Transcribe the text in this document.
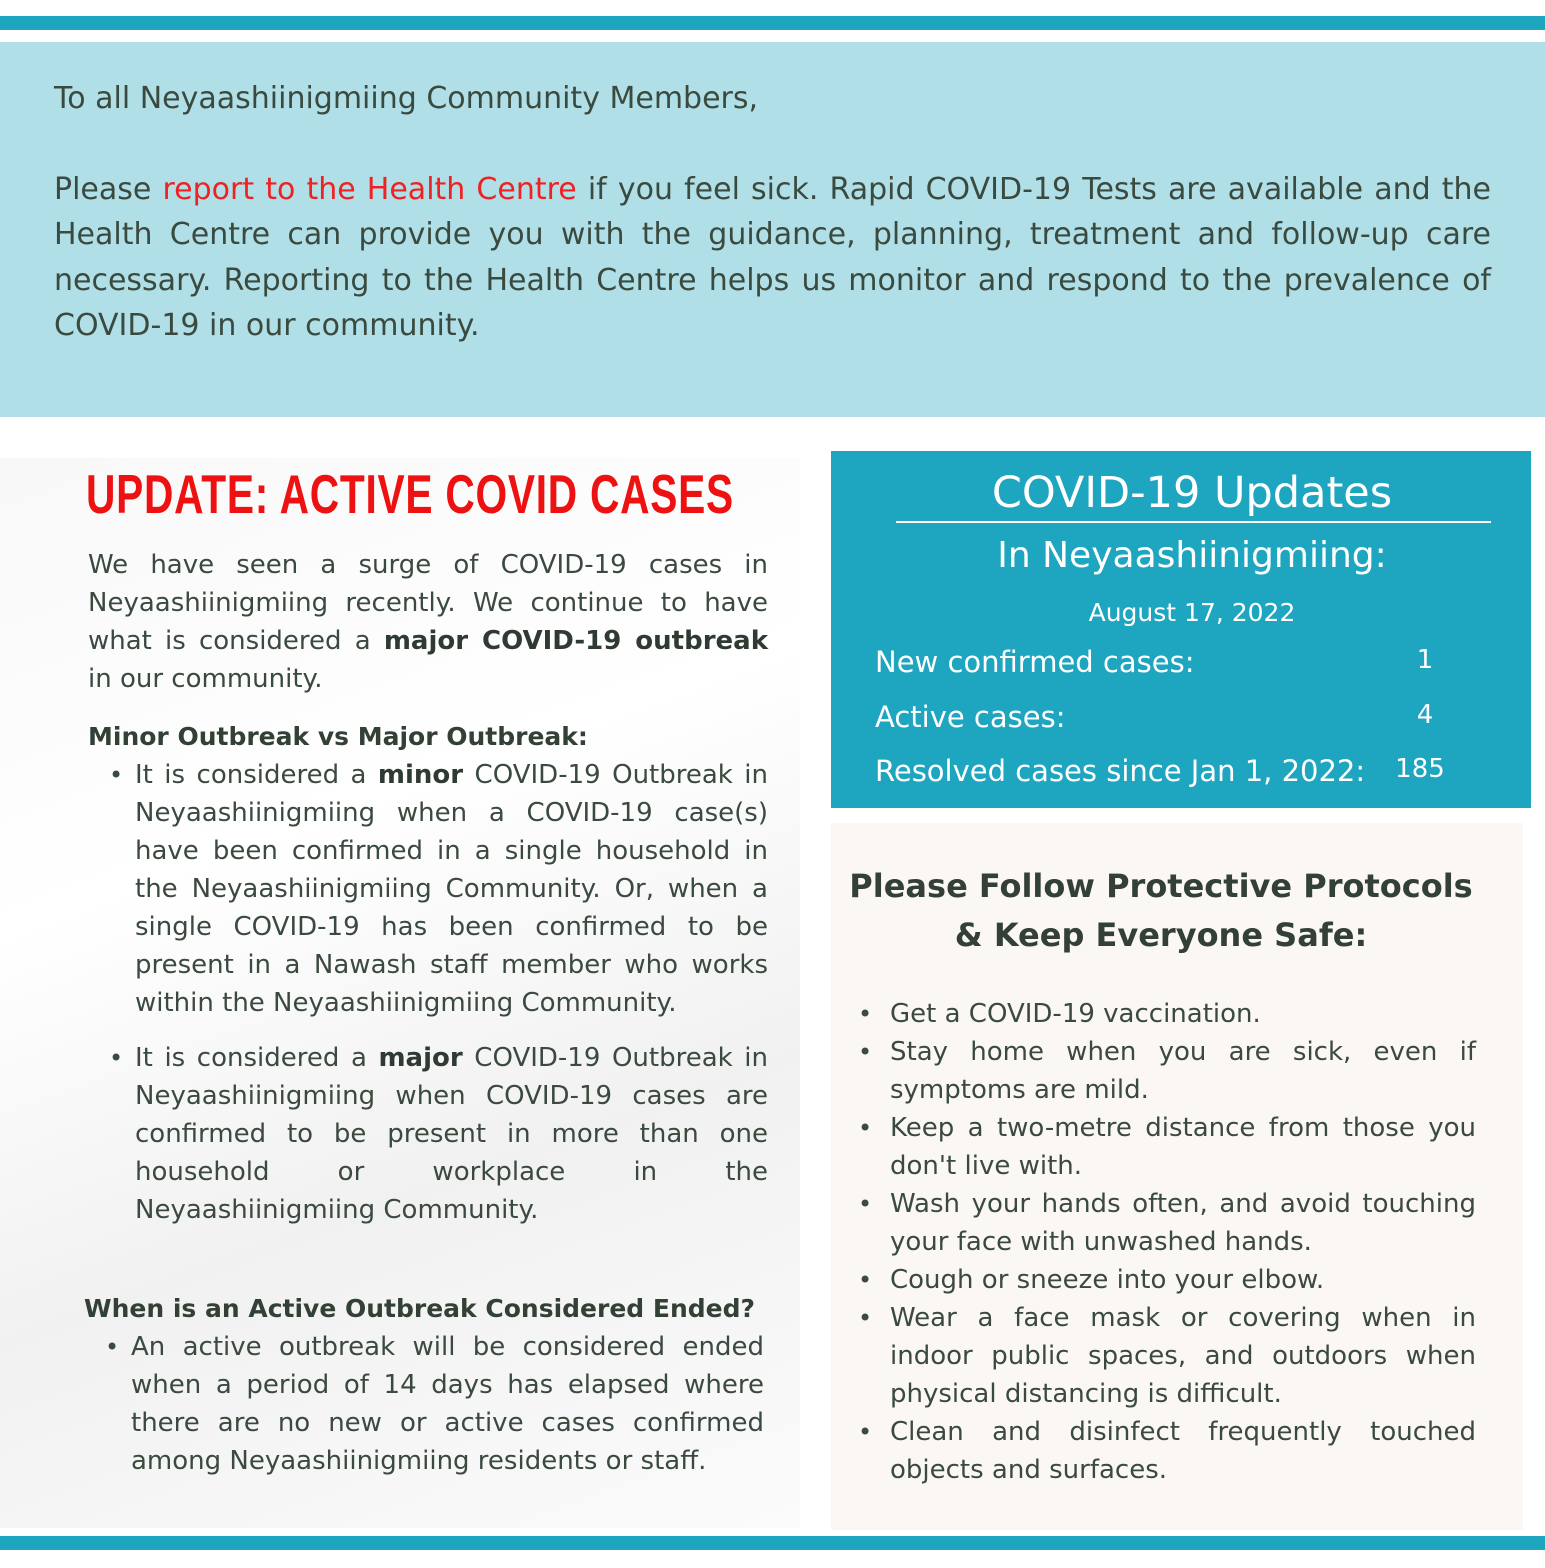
To all Neyaashiinigmiing Community Members,

Please report to the Health Centre if you feel sick. Rapid COVID-19 Tests are available and the Health Centre can provide you with the guidance, planning, treatment and follow-up care necessary. Reporting to the Health Centre helps us monitor and respond to the prevalence of COVID-19 in our community.

UPDATE: ACTIVE COVID CASES

We have seen a surge of COVID-19 cases in Neyaashiinigmiing recently. We continue to have what is considered a major COVID-19 outbreak in our community.

Minor Outbreak vs Major Outbreak:
• It is considered a minor COVID-19 Outbreak in Neyaashiinigmiing when a COVID-19 case(s) have been confirmed in a single household in the Neyaashiinigmiing Community. Or, when a single COVID-19 has been confirmed to be present in a Nawash staff member who works within the Neyaashiinigmiing Community.
• It is considered a major COVID-19 Outbreak in Neyaashiinigmiing when COVID-19 cases are confirmed to be present in more than one household or workplace in the Neyaashiinigmiing Community.
When is an Active Outbreak Considered Ended?
• An active outbreak will be considered ended when a period of 14 days has elapsed where there are no new or active cases confirmed among Neyaashiinigmiing residents or staff.
COVID-19 Updates
In Neyaashiinigmiing:
August 17, 2022
New confirmed cases:	1
Active cases:	4
Resolved cases since Jan 1, 2022: 185
Please Follow Protective Protocols
& Keep Everyone Safe:
• Get a COVID-19 vaccination.
• Stay home when you are sick, even if symptoms are mild.
• Keep a two-metre distance from those you don't live with.
• Wash your hands often, and avoid touching your face with unwashed hands.
• Cough or sneeze into your elbow.
• Wear a face mask or covering when in indoor public spaces, and outdoors when physical distancing is difficult.
• Clean and disinfect frequently touched objects and surfaces.
